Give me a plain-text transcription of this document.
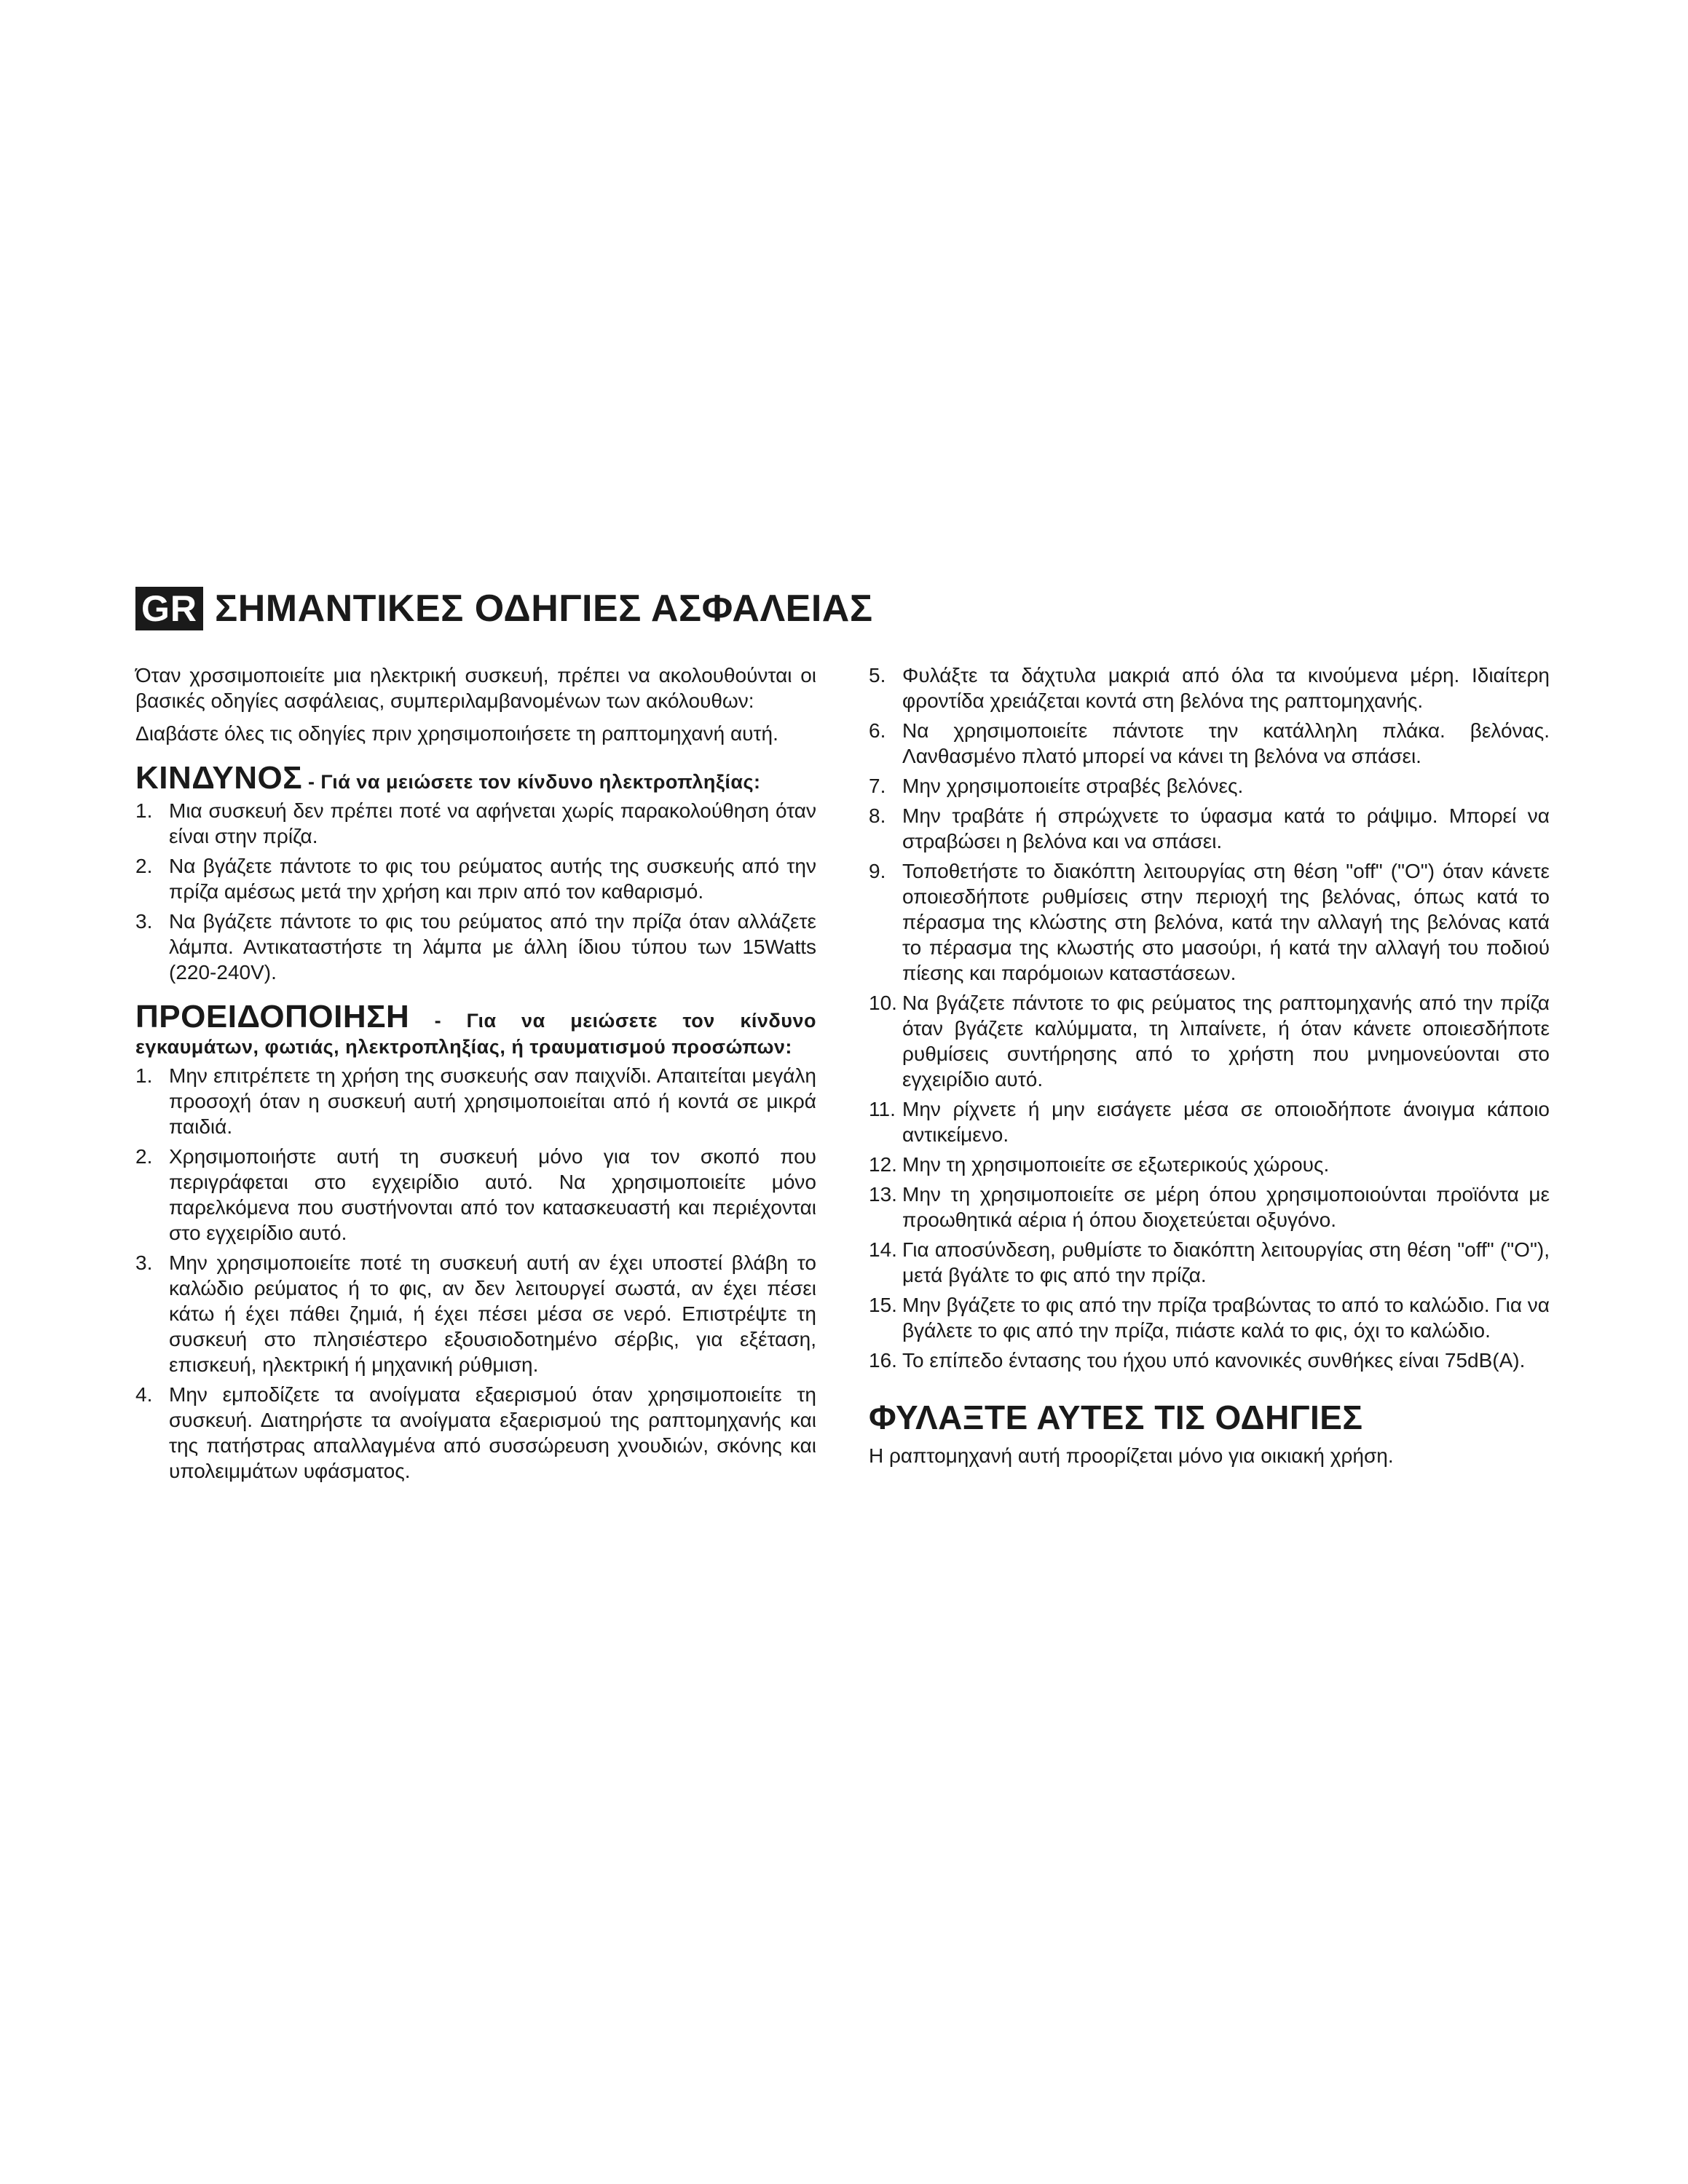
GR ΣΗΜΑΝΤΙΚΕΣ ΟΔΗΓΙΕΣ ΑΣΦΑΛΕΙΑΣ

Όταν χρσσιμοποιείτε μια ηλεκτρική συσκευή, πρέπει να ακολουθούνται οι βασικές οδηγίες ασφάλειας, συμπεριλαμβανομένων των ακόλουθων:

Διαβάστε όλες τις οδηγίες πριν χρησιμοποιήσετε τη ραπτομηχανή αυτή.

ΚΙΝΔΥΝΟΣ - Γιά να μειώσετε τον κίνδυνο ηλεκτροπληξίας:
1. Μια συσκευή δεν πρέπει ποτέ να αφήνεται χωρίς παρακολούθηση όταν είναι στην πρίζα.
2. Να βγάζετε πάντοτε το φις του ρεύματος αυτής της συσκευής από την πρίζα αμέσως μετά την χρήση και πριν από τον καθαρισμό.
3. Να βγάζετε πάντοτε το φις του ρεύματος από την πρίζα όταν αλλάζετε λάμπα. Αντικαταστήστε τη λάμπα με άλλη ίδιου τύπου των 15Watts (220-240V).
ΠΡΟΕΙΔΟΠΟΙΗΣΗ - Για να μειώσετε τον κίνδυνο εγκαυμάτων, φωτιάς, ηλεκτροπληξίας, ή τραυματισμού προσώπων:
1. Μην επιτρέπετε τη χρήση της συσκευής σαν παιχνίδι. Απαιτείται μεγάλη προσοχή όταν η συσκευή αυτή χρησιμοποιείται από ή κοντά σε μικρά παιδιά.
2. Χρησιμοποιήστε αυτή τη συσκευή μόνο για τον σκοπό που περιγράφεται στο εγχειρίδιο αυτό. Να χρησιμοποιείτε μόνο παρελκόμενα που συστήνονται από τον κατασκευαστή και περιέχονται στο εγχειρίδιο αυτό.
3. Μην χρησιμοποιείτε ποτέ τη συσκευή αυτή αν έχει υποστεί βλάβη το καλώδιο ρεύματος ή το φις, αν δεν λειτουργεί σωστά, αν έχει πέσει κάτω ή έχει πάθει ζημιά, ή έχει πέσει μέσα σε νερό. Επιστρέψτε τη συσκευή στο πλησιέστερο εξουσιοδοτημένο σέρβις, για εξέταση, επισκευή, ηλεκτρική ή μηχανική ρύθμιση.
4. Μην εμποδίζετε τα ανοίγματα εξαερισμού όταν χρησιμοποιείτε τη συσκευή. Διατηρήστε τα ανοίγματα εξαερισμού της ραπτομηχανής και της πατήστρας απαλλαγμένα από συσσώρευση χνουδιών, σκόνης και υπολειμμάτων υφάσματος.
5. Φυλάξτε τα δάχτυλα μακριά από όλα τα κινούμενα μέρη. Ιδιαίτερη φροντίδα χρειάζεται κοντά στη βελόνα της ραπτομηχανής.
6. Να χρησιμοποιείτε πάντοτε την κατάλληλη πλάκα. βελόνας. Λανθασμένο πλατό μπορεί να κάνει τη βελόνα να σπάσει.
7. Μην χρησιμοποιείτε στραβές βελόνες.
8. Μην τραβάτε ή σπρώχνετε το ύφασμα κατά το ράψιμο. Μπορεί να στραβώσει η βελόνα και να σπάσει.
9. Τοποθετήστε το διακόπτη λειτουργίας στη θέση "off" ("O") όταν κάνετε οποιεσδήποτε ρυθμίσεις στην περιοχή της βελόνας, όπως κατά το πέρασμα της κλώστης στη βελόνα, κατά την αλλαγή της βελόνας κατά το πέρασμα της κλωστής στο μασούρι, ή κατά την αλλαγή του ποδιού πίεσης και παρόμοιων καταστάσεων.
10. Να βγάζετε πάντοτε το φις ρεύματος της ραπτομηχανής από την πρίζα όταν βγάζετε καλύμματα, τη λιπαίνετε, ή όταν κάνετε οποιεσδήποτε ρυθμίσεις συντήρησης από το χρήστη που μνημονεύονται στο εγχειρίδιο αυτό.
11. Μην ρίχνετε ή μην εισάγετε μέσα σε οποιοδήποτε άνοιγμα κάποιο αντικείμενο.
12. Μην τη χρησιμοποιείτε σε εξωτερικούς χώρους.
13. Μην τη χρησιμοποιείτε σε μέρη όπου χρησιμοποιούνται προϊόντα με προωθητικά αέρια ή όπου διοχετεύεται οξυγόνο.
14. Για αποσύνδεση, ρυθμίστε το διακόπτη λειτουργίας στη θέση "off" ("O"), μετά βγάλτε το φις από την πρίζα.
15. Μην βγάζετε το φις από την πρίζα τραβώντας το από το καλώδιο. Για να βγάλετε το φις από την πρίζα, πιάστε καλά το φις, όχι το καλώδιο.
16. Το επίπεδο έντασης του ήχου υπό κανονικές συνθήκες είναι 75dB(A).
ΦΥΛΑΞΤΕ ΑΥΤΕΣ ΤΙΣ ΟΔΗΓΙΕΣ

Η ραπτομηχανή αυτή προορίζεται μόνο για οικιακή χρήση.
